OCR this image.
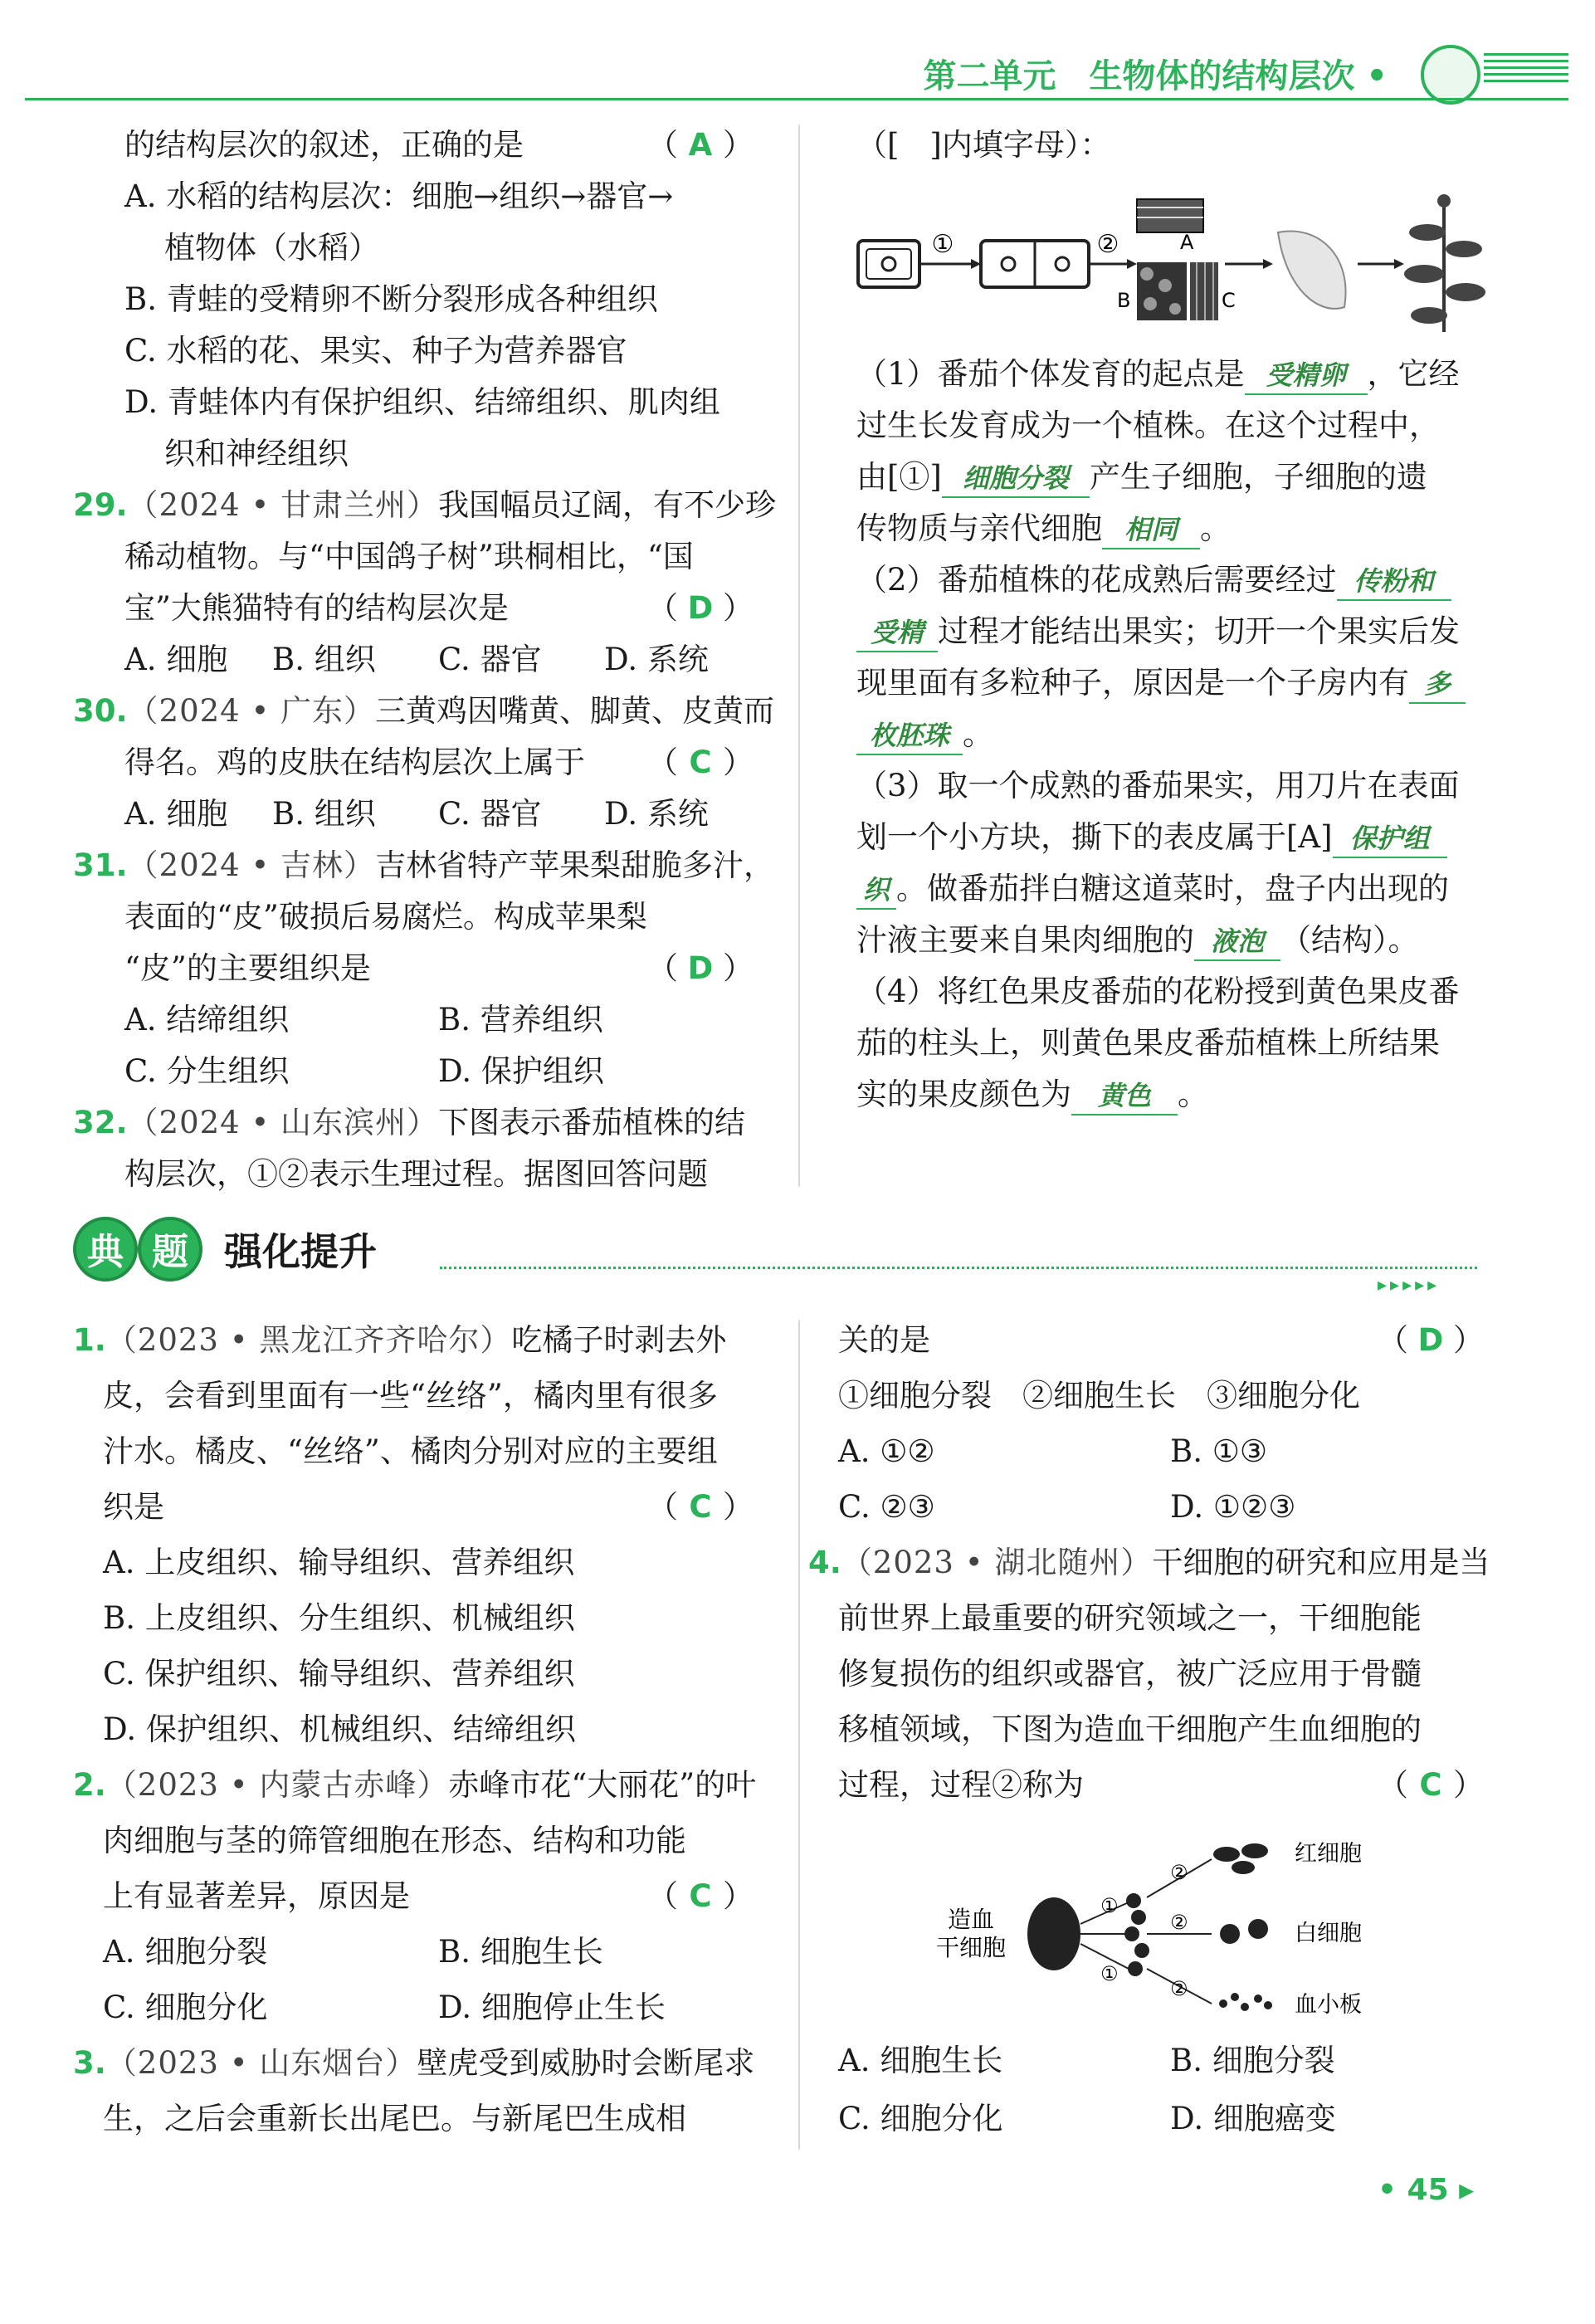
第二单元　生物体的结构层次 •
的结构层次的叙述，正确的是	（ A ）
A. 水稻的结构层次：细胞→组织→器官→
植物体（水稻）
B. 青蛙的受精卵不断分裂形成各种组织
C. 水稻的花、果实、种子为营养器官
D. 青蛙体内有保护组织、结缔组织、肌肉组
织和神经组织
29.（2024 • 甘肃兰州）我国幅员辽阔，有不少珍
稀动植物。与“中国鸽子树”珙桐相比，“国
宝”大熊猫特有的结构层次是	（ D ）
A. 细胞 B. 组织 C. 器官 D. 系统
30.（2024 • 广东）三黄鸡因嘴黄、脚黄、皮黄而
得名。鸡的皮肤在结构层次上属于 （ C ）
A. 细胞 B. 组织 C. 器官 D. 系统
31.（2024 • 吉林）吉林省特产苹果梨甜脆多汁，
表面的“皮”破损后易腐烂。构成苹果梨
“皮”的主要组织是	（ D ）
A. 结缔组织	B. 营养组织
C. 分生组织	D. 保护组织
32.（2024 • 山东滨州）下图表示番茄植株的结
构层次，①②表示生理过程。据图回答问题
（[　]内填字母）：
①	②	A
B	C
（1）番茄个体发育的起点是 受精卵 ，它经
过生长发育成为一个植株。在这个过程中，
由[①] 细胞分裂 产生子细胞，子细胞的遗
传物质与亲代细胞 相同 。
（2）番茄植株的花成熟后需要经过 传粉和
受精 过程才能结出果实；切开一个果实后发
现里面有多粒种子，原因是一个子房内有 多
枚胚珠 。
（3）取一个成熟的番茄果实，用刀片在表面
划一个小方块，撕下的表皮属于[A] 保护组
织 。做番茄拌白糖这道菜时，盘子内出现的
汁液主要来自果肉细胞的 液泡 （结构）。
（4）将红色果皮番茄的花粉授到黄色果皮番
茄的柱头上，则黄色果皮番茄植株上所结果
实的果皮颜色为 黄色 。
典 题 强化提升
▸▸▸▸▸
1.（2023 • 黑龙江齐齐哈尔）吃橘子时剥去外
皮，会看到里面有一些“丝络”，橘肉里有很多
汁水。橘皮、“丝络”、橘肉分别对应的主要组
织是	（ C ）
A. 上皮组织、输导组织、营养组织
B. 上皮组织、分生组织、机械组织
C. 保护组织、输导组织、营养组织
D. 保护组织、机械组织、结缔组织
2.（2023 • 内蒙古赤峰）赤峰市花“大丽花”的叶
肉细胞与茎的筛管细胞在形态、结构和功能
上有显著差异，原因是	（ C ）
A. 细胞分裂	B. 细胞生长
C. 细胞分化	D. 细胞停止生长
3.（2023 • 山东烟台）壁虎受到威胁时会断尾求
生，之后会重新长出尾巴。与新尾巴生成相
关的是	（ D ）
①细胞分裂　②细胞生长　③细胞分化
A. ①②	B. ①③
C. ②③	D. ①②③
4.（2023 • 湖北随州）干细胞的研究和应用是当
前世界上最重要的研究领域之一，干细胞能
修复损伤的组织或器官，被广泛应用于骨髓
移植领域，下图为造血干细胞产生血细胞的
过程，过程②称为	（ C ）
造血
干细胞
①
①
②
②
②
红细胞
白细胞
血小板
A. 细胞生长	B. 细胞分裂
C. 细胞分化	D. 细胞癌变
• 45 ▸
